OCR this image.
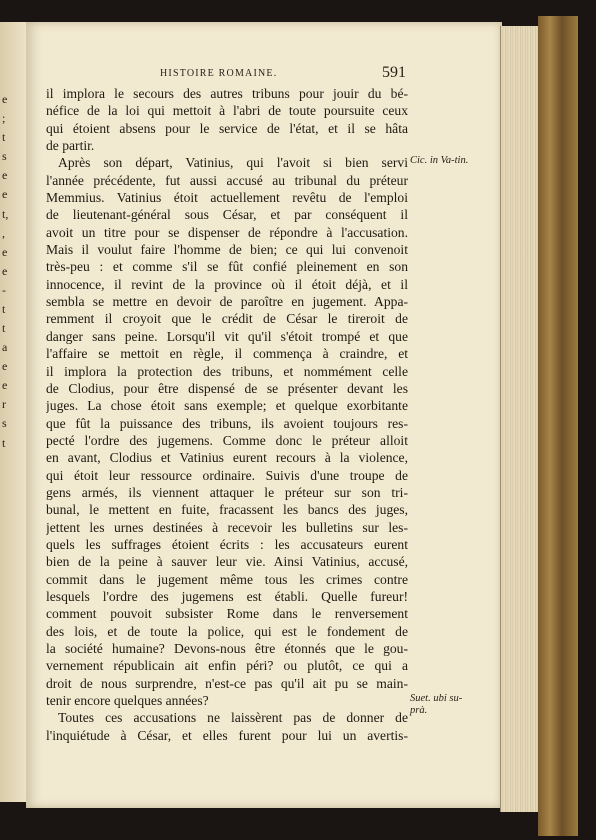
e
;
t
s
e
e
t,
,
e
e
-
t
t
a
e
e
r
s
t
HISTOIRE ROMAINE.	591
il implora le secours des autres tribuns pour jouir du bé-
néfice de la loi qui mettoit à l'abri de toute poursuite ceux
qui étoient absens pour le service de l'état, et il se hâta
de partir.
Après son départ, Vatinius, qui l'avoit si bien servi
l'année précédente, fut aussi accusé au tribunal du préteur
Memmius. Vatinius étoit actuellement revêtu de l'emploi
de lieutenant-général sous César, et par conséquent il
avoit un titre pour se dispenser de répondre à l'accusation.
Mais il voulut faire l'homme de bien; ce qui lui convenoit
très-peu : et comme s'il se fût confié pleinement en son
innocence, il revint de la province où il étoit déjà, et il
sembla se mettre en devoir de paroître en jugement. Appa-
remment il croyoit que le crédit de César le tireroit de
danger sans peine. Lorsqu'il vit qu'il s'étoit trompé et que
l'affaire se mettoit en règle, il commença à craindre, et
il implora la protection des tribuns, et nommément celle
de Clodius, pour être dispensé de se présenter devant les
juges. La chose étoit sans exemple; et quelque exorbitante
que fût la puissance des tribuns, ils avoient toujours res-
pecté l'ordre des jugemens. Comme donc le préteur alloit
en avant, Clodius et Vatinius eurent recours à la violence,
qui étoit leur ressource ordinaire. Suivis d'une troupe de
gens armés, ils viennent attaquer le préteur sur son tri-
bunal, le mettent en fuite, fracassent les bancs des juges,
jettent les urnes destinées à recevoir les bulletins sur les-
quels les suffrages étoient écrits : les accusateurs eurent
bien de la peine à sauver leur vie. Ainsi Vatinius, accusé,
commit dans le jugement même tous les crimes contre
lesquels l'ordre des jugemens est établi. Quelle fureur!
comment pouvoit subsister Rome dans le renversement
des lois, et de toute la police, qui est le fondement de
la société humaine? Devons-nous être étonnés que le gou-
vernement républicain ait enfin péri? ou plutôt, ce qui a
droit de nous surprendre, n'est-ce pas qu'il ait pu se main-
tenir encore quelques années?
Toutes ces accusations ne laissèrent pas de donner de
l'inquiétude à César, et elles furent pour lui un avertis-
Cic. in Va-tin.
Suet. ubi su-prà.
